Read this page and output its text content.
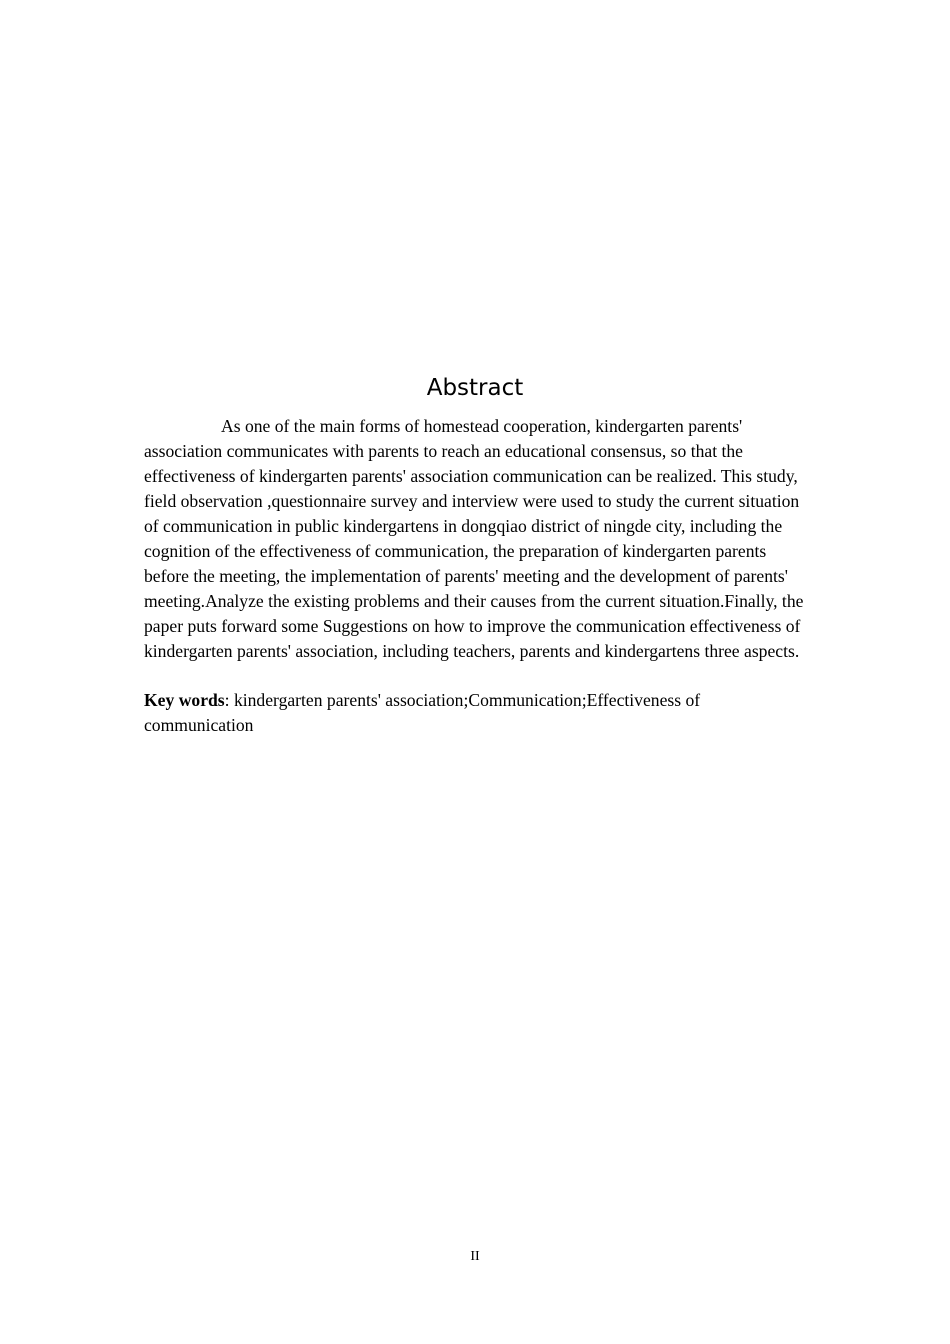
Abstract

As one of the main forms of homestead cooperation, kindergarten parents' association communicates with parents to reach an educational consensus, so that the effectiveness of kindergarten parents' association communication can be realized. This study, field observation ,questionnaire survey and interview were used to study the current situation of communication in public kindergartens in dongqiao district of ningde city, including the cognition of the effectiveness of communication, the preparation of kindergarten parents before the meeting, the implementation of parents' meeting and the development of parents' meeting.Analyze the existing problems and their causes from the current situation.Finally, the paper puts forward some Suggestions on how to improve the communication effectiveness of kindergarten parents' association, including teachers, parents and kindergartens three aspects.

Key words: kindergarten parents' association;Communication;Effectiveness of communication

II
